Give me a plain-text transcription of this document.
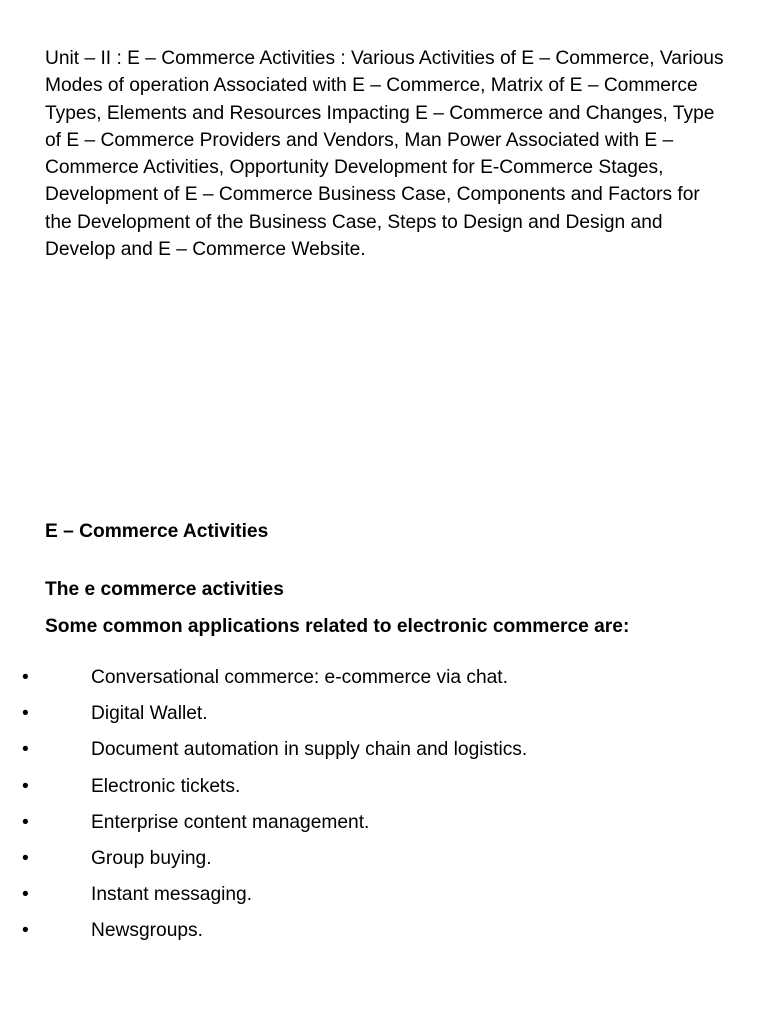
Unit – II : E – Commerce Activities : Various Activities of E – Commerce, Various Modes of operation Associated with E – Commerce, Matrix of E – Commerce Types, Elements and Resources Impacting E – Commerce and Changes, Type of E – Commerce Providers and Vendors, Man Power Associated with E – Commerce Activities, Opportunity Development for E-Commerce Stages, Development of E – Commerce Business Case, Components and Factors for the Development of the Business Case, Steps to Design and Design and Develop and E – Commerce Website.

E – Commerce Activities

The e commerce activities

Some common applications related to electronic commerce are:

•	Conversational commerce: e-commerce via chat.
•	Digital Wallet.
•	Document automation in supply chain and logistics.
•	Electronic tickets.
•	Enterprise content management.
•	Group buying.
•	Instant messaging.
•	Newsgroups.
